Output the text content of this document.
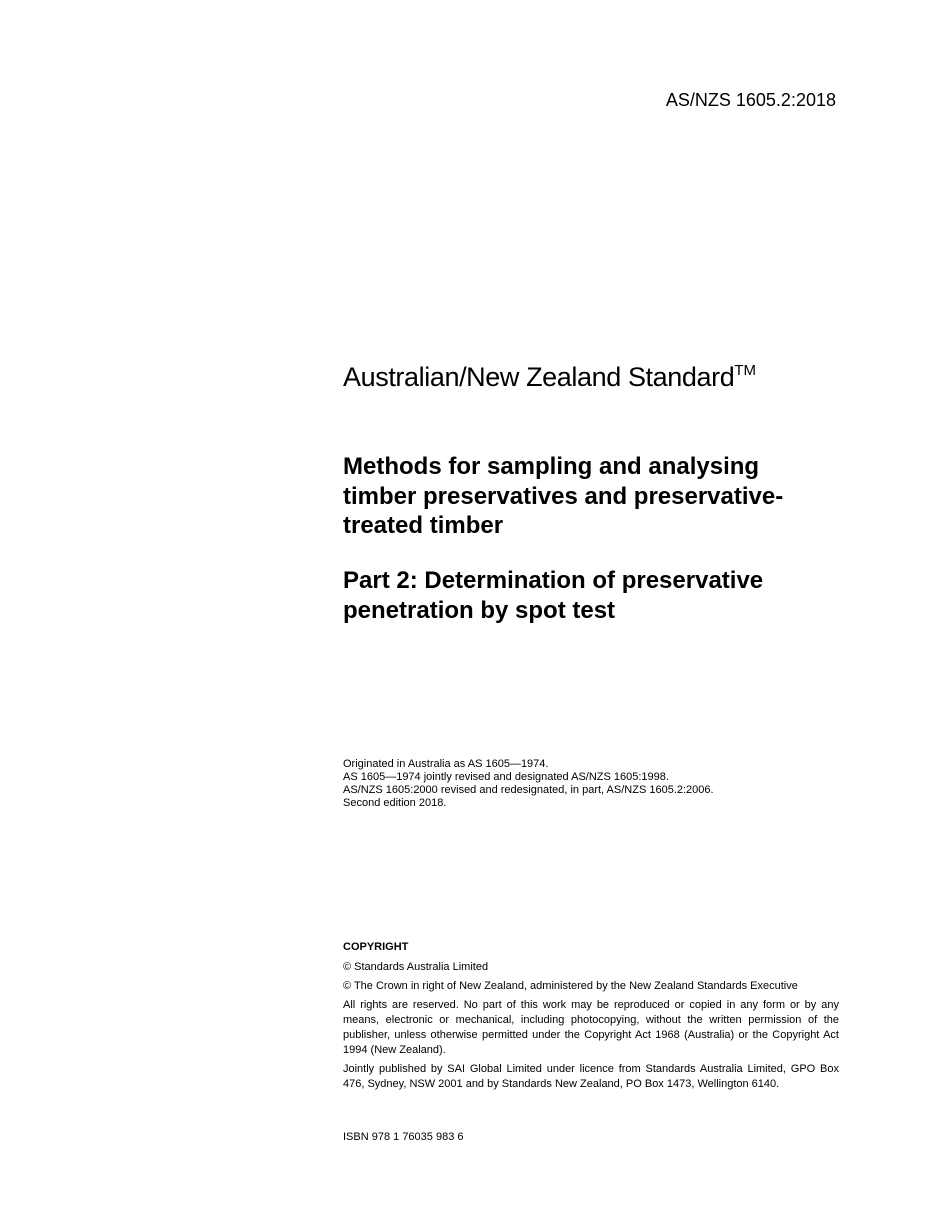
AS/NZS 1605.2:2018
Australian/New Zealand Standard™
Methods for sampling and analysing
timber preservatives and preservative-
treated timber
Part 2: Determination of preservative
penetration by spot test
Originated in Australia as AS 1605—1974.
AS 1605—1974 jointly revised and designated AS/NZS 1605:1998.
AS/NZS 1605:2000 revised and redesignated, in part, AS/NZS 1605.2:2006.
Second edition 2018.

COPYRIGHT

© Standards Australia Limited

© The Crown in right of New Zealand, administered by the New Zealand Standards Executive

All rights are reserved. No part of this work may be reproduced or copied in any form or by any means, electronic or mechanical, including photocopying, without the written permission of the publisher, unless otherwise permitted under the Copyright Act 1968 (Australia) or the Copyright Act 1994 (New Zealand).

Jointly published by SAI Global Limited under licence from Standards Australia Limited, GPO Box 476, Sydney, NSW 2001 and by Standards New Zealand, PO Box 1473, Wellington 6140.

ISBN 978 1 76035 983 6
